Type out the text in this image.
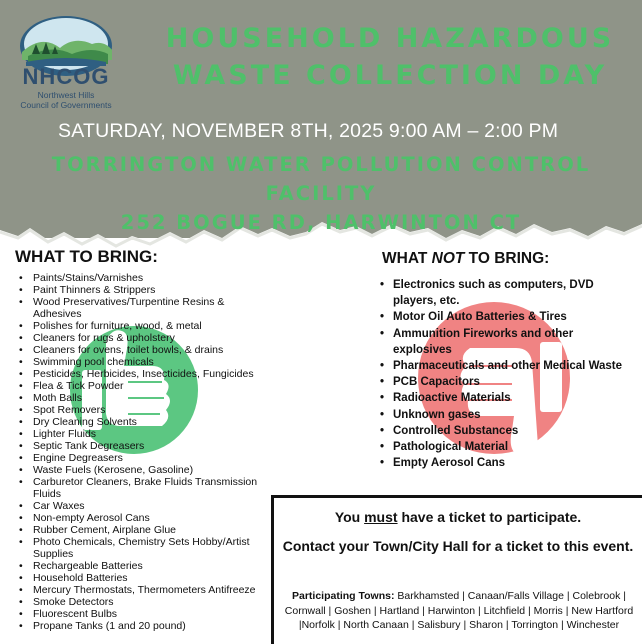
NHCOG
Northwest Hills
Council of Governments
HOUSEHOLD HAZARDOUS
WASTE COLLECTION DAY
SATURDAY, NOVEMBER 8TH, 2025 9:00 AM – 2:00 PM
TORRINGTON WATER POLLUTION CONTROL FACILITY
252 BOGUE RD, HARWINTON CT
WHAT TO BRING:
• Paints/Stains/Varnishes
• Paint Thinners & Strippers
• Wood Preservatives/Turpentine Resins & Adhesives
• Polishes for furniture, wood, & metal
• Cleaners for rugs & upholstery
• Cleaners for ovens, toilet bowls, & drains
• Swimming pool chemicals
• Pesticides, Herbicides, Insecticides, Fungicides
• Flea & Tick Powder
• Moth Balls
• Spot Removers
• Dry Cleaning Solvents
• Lighter Fluids
• Septic Tank Degreasers
• Engine Degreasers
• Waste Fuels (Kerosene, Gasoline)
• Carburetor Cleaners, Brake Fluids Transmission Fluids
• Car Waxes
• Non-empty Aerosol Cans
• Rubber Cement, Airplane Glue
• Photo Chemicals, Chemistry Sets Hobby/Artist Supplies
• Rechargeable Batteries
• Household Batteries
• Mercury Thermostats, Thermometers Antifreeze
• Smoke Detectors
• Fluorescent Bulbs
• Propane Tanks (1 and 20 pound)
WHAT NOT TO BRING:
• Electronics such as computers, DVD players, etc.
• Motor Oil Auto Batteries & Tires
• Ammunition Fireworks and other explosives
• Pharmaceuticals and other Medical Waste
• PCB Capacitors
• Radioactive Materials
• Unknown gases
• Controlled Substances
• Pathological Material
• Empty Aerosol Cans
You must have a ticket to participate.
Contact your Town/City Hall for a ticket to this event.
Participating Towns: Barkhamsted | Canaan/Falls Village | Colebrook | Cornwall | Goshen | Hartland | Harwinton | Litchfield | Morris | New Hartford |Norfolk | North Canaan | Salisbury | Sharon | Torrington | Winchester
